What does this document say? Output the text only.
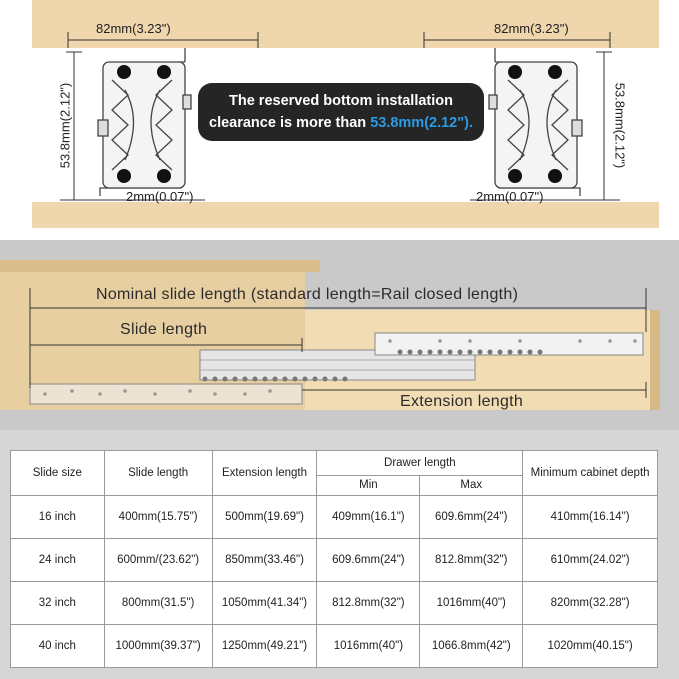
82mm(3.23")	82mm(3.23")
53.8mm(2.12")	53.8mm(2.12")
2mm(0.07")	2mm(0.07")
The reserved bottom installation
clearance is more than 53.8mm(2.12").
Nominal slide length (standard length=Rail closed length)
Slide length
Extension length
Slide size	Slide length	Extension length	Drawer length		Minimum cabinet depth
			Min	Max	
16 inch	400mm(15.75")	500mm(19.69")	409mm(16.1")	609.6mm(24")	410mm(16.14")
24 inch	600mm/(23.62")	850mm(33.46")	609.6mm(24")	812.8mm(32")	610mm(24.02")
32 inch	800mm(31.5")	1050mm(41.34")	812.8mm(32")	1016mm(40")	820mm(32.28")
40 inch	1000mm(39.37")	1250mm(49.21")	1016mm(40")	1066.8mm(42")	1020mm(40.15")
